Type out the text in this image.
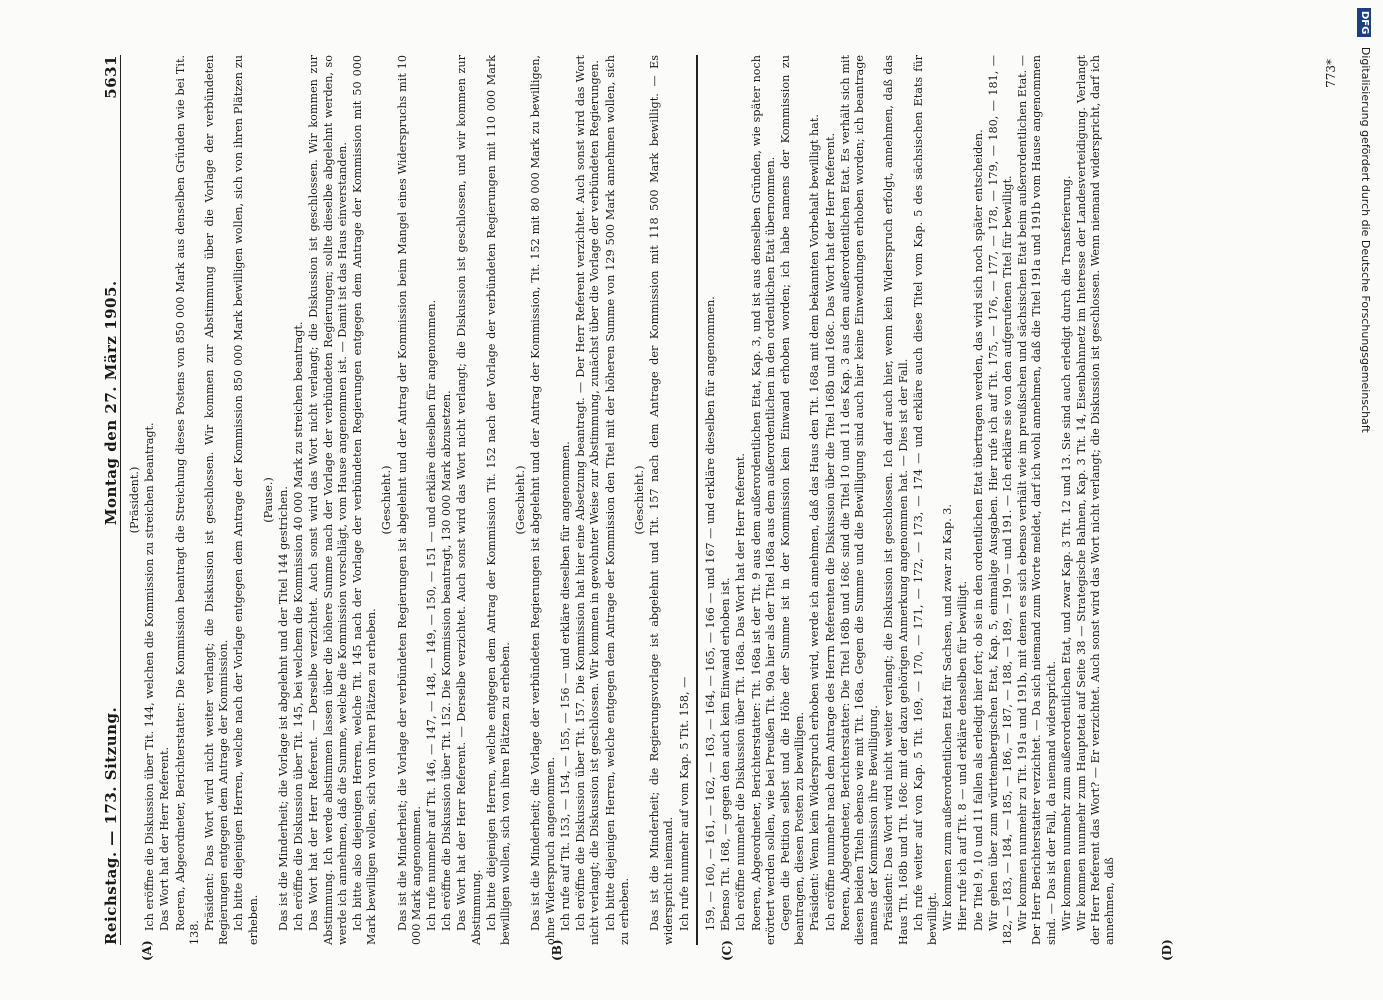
Reichstag. — 173. Sitzung.
Montag den 27. März 1905.
5631

(Präsident.) Ich eröffne die Diskussion über Tit. 144, welchen die Kommission zu streichen beantragt. Das Wort hat der Herr Referent. Roeren, Abgeordneter, Berichterstatter: Die Kommission beantragt die Streichung dieses Postens von 850 000 Mark aus denselben Gründen wie bei Tit. 138.

Präsident: Das Wort wird nicht weiter verlangt; die Diskussion ist geschlossen. Wir kommen zur Abstimmung über die Vorlage der verbündeten Regierungen entgegen dem Antrage der Kommission. Ich bitte diejenigen Herren, welche nach der Vorlage entgegen dem Antrage der Kommission 850 000 Mark bewilligen wollen, sich von ihren Plätzen zu erheben.

(Pause.) Das ist die Minderheit; die Vorlage ist abgelehnt und der Titel 144 gestrichen. Ich eröffne die Diskussion über Tit. 145, bei welchem die Kommission 40 000 Mark zu streichen beantragt. Das Wort hat der Herr Referent. — Derselbe verzichtet. Auch sonst wird das Wort nicht verlangt; die Diskussion ist geschlossen. Wir kommen zur Abstimmung. Ich werde abstimmen lassen über die höhere Summe nach der Vorlage der verbündeten Regierungen; sollte dieselbe abgelehnt werden, so werde ich annehmen, daß die Summe, welche die Kommission vorschlägt, vom Hause angenommen ist. — Damit ist das Haus einverstanden. Ich bitte also diejenigen Herren, welche Tit. 145 nach der Vorlage der verbündeten Regierungen entgegen dem Antrage der Kommission mit 50 000 Mark bewilligen wollen, sich von ihren Plätzen zu erheben.

(Geschieht.) Das ist die Minderheit; die Vorlage der verbündeten Regierungen ist abgelehnt und der Antrag der Kommission beim Mangel eines Widerspruchs mit 10 000 Mark angenommen. Ich rufe nunmehr auf Tit. 146, — 147, — 148, — 149, — 150, — 151 — und erkläre dieselben für angenommen. Ich eröffne die Diskussion über Tit. 152. Die Kommission beantragt, 130 000 Mark abzusetzen. Das Wort hat der Herr Referent. — Derselbe verzichtet. Auch sonst wird das Wort nicht verlangt; die Diskussion ist geschlossen, und wir kommen zur Abstimmung. Ich bitte diejenigen Herren, welche entgegen dem Antrag der Kommission Tit. 152 nach der Vorlage der verbündeten Regierungen mit 110 000 Mark bewilligen wollen, sich von ihren Plätzen zu erheben.

(Geschieht.) Das ist die Minderheit; die Vorlage der verbündeten Regierungen ist abgelehnt und der Antrag der Kommission, Tit. 152 mit 80 000 Mark zu bewilligen, ohne Widerspruch angenommen. Ich rufe auf Tit. 153, — 154, — 155, — 156 — und erkläre dieselben für angenommen. Ich eröffne die Diskussion über Tit. 157. Die Kommission hat hier eine Absetzung beantragt. — Der Herr Referent verzichtet. Auch sonst wird das Wort nicht verlangt; die Diskussion ist geschlossen. Wir kommen in gewohnter Weise zur Abstimmung, zunächst über die Vorlage der verbündeten Regierungen. Ich bitte diejenigen Herren, welche entgegen dem Antrage der Kommission den Titel mit der höheren Summe von 129 500 Mark annehmen wollen, sich zu erheben.

(Geschieht.) Das ist die Minderheit; die Regierungsvorlage ist abgelehnt und Tit. 157 nach dem Antrage der Kommission mit 118 500 Mark bewilligt. — Es widerspricht niemand. Ich rufe nunmehr auf vom Kap. 5 Tit. 158, — 159, — 160, — 161, — 162, — 163, — 164, — 165, — 166 — und 167 — und erkläre dieselben für angenommen. Ebenso Tit. 168, — gegen den auch kein Einwand erhoben ist. Ich eröffne nunmehr die Diskussion über Tit. 168a. Das Wort hat der Herr Referent. Roeren, Abgeordneter, Berichterstatter: Tit. 168a ist der Tit. 9 aus dem außerordentlichen Etat, Kap. 3, und ist aus denselben Gründen, wie später noch erörtert werden sollen, wie bei Preußen Tit. 90a hier als der Titel 168a aus dem außerordentlichen in den ordentlichen Etat übernommen. Gegen die Petition selbst und die Höhe der Summe ist in der Kommission kein Einwand erhoben worden; ich habe namens der Kommission zu beantragen, diesen Posten zu bewilligen. Präsident: Wenn kein Widerspruch erhoben wird, werde ich annehmen, daß das Haus den Tit. 168a mit dem bekannten Vorbehalt bewilligt hat. Ich eröffne nunmehr nach dem Antrage des Herrn Referenten die Diskussion über die Titel 168b und 168c. Das Wort hat der Herr Referent. Roeren, Abgeordneter, Berichterstatter: Die Titel 168b und 168c sind die Titel 10 und 11 des Kap. 3 aus dem außerordentlichen Etat. Es verhält sich mit diesen beiden Titeln ebenso wie mit Tit. 168a. Gegen die Summe und die Bewilligung sind auch hier keine Einwendungen erhoben worden; ich beantrage namens der Kommission ihre Bewilligung. Präsident: Das Wort wird nicht weiter verlangt; die Diskussion ist geschlossen. Ich darf auch hier, wenn kein Widerspruch erfolgt, annehmen, daß das Haus Tit. 168b und Tit. 168c mit der dazu gehörigen Anmerkung angenommen hat. — Dies ist der Fall. Ich rufe weiter auf von Kap. 5 Tit. 169, — 170, — 171, — 172, — 173, — 174 — und erkläre auch diese Titel vom Kap. 5 des sächsischen Etats für bewilligt. Wir kommen zum außerordentlichen Etat für Sachsen, und zwar zu Kap. 3. Hier rufe ich auf Tit. 8 — und erkläre denselben für bewilligt. Die Titel 9, 10 und 11 fallen als erledigt hier fort; ob sie in den ordentlichen Etat übertragen werden, das wird sich noch später entscheiden. Wir gehen über zum württembergischen Etat, Kap. 5, einmalige Ausgaben. Hier rufe ich auf Tit. 175, — 176, — 177, — 178, — 179, — 180, — 181, — 182, — 183, — 184, — 185, — 186, — 187, — 188, — 189, — 190 — und 191. — Ich erkläre sie von den aufgerufenen Titel für bewilligt. Wir kommen nunmehr zu Tit. 191a und 191b, mit denen es sich ebenso verhält wie im preußischen und sächsischen Etat beim außerordentlichen Etat. — Der Herr Berichterstatter verzichtet. — Da sich niemand zum Worte meldet, darf ich wohl annehmen, daß die Titel 191a und 191b vom Hause angenommen sind. — Das ist der Fall, da niemand widerspricht. Wir kommen nunmehr zum außerordentlichen Etat, und zwar Kap. 3 Tit. 12 und 13. Sie sind auch erledigt durch die Transferierung. Wir kommen nunmehr zum Hauptetat auf Seite 38 — Strategische Bahnen, Kap. 3 Tit. 14, Eisenbahnnetz im Interesse der Landesverteidigung. Verlangt der Herr Referent das Wort? — Er verzichtet. Auch sonst wird das Wort nicht verlangt; die Diskussion ist geschlossen. Wenn niemand widerspricht, darf ich annehmen, daß

(A)	(B)	(C)	(D)
773*
DFG Digitalisierung gefördert durch die Deutsche Forschungsgemeinschaft
